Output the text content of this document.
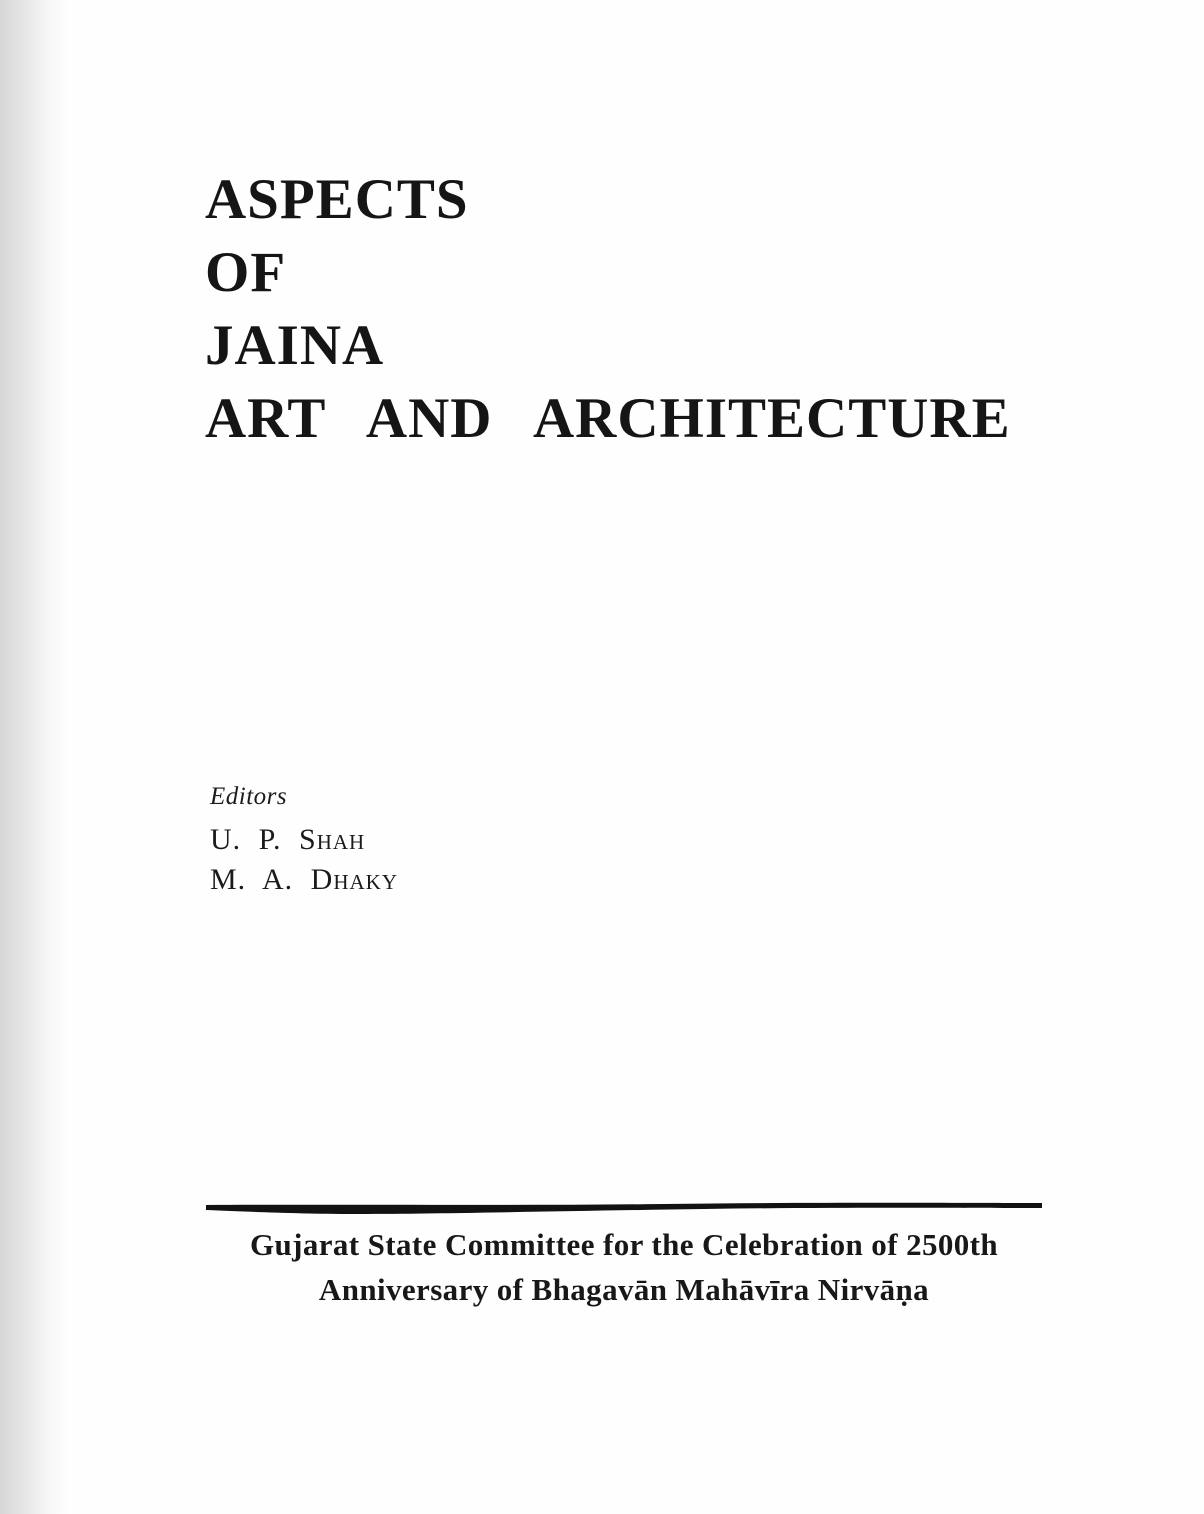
ASPECTS
OF
JAINA
ART AND ARCHITECTURE
Editors
U. P. Shah
M. A. Dhaky
Gujarat State Committee for the Celebration of 2500th
Anniversary of Bhagavān Mahāvīra Nirvāṇa
